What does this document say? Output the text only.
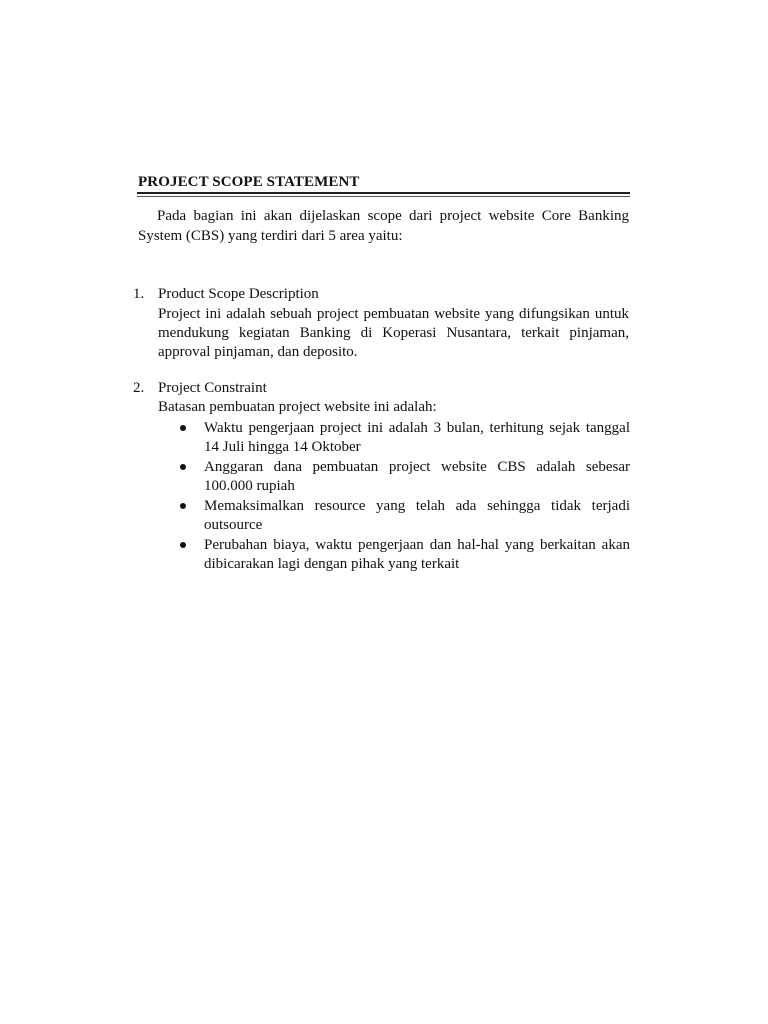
PROJECT SCOPE STATEMENT

Pada bagian ini akan dijelaskan scope dari project website Core Banking System (CBS) yang terdiri dari 5 area yaitu:

1. Product Scope Description

Project ini adalah sebuah project pembuatan website yang difungsikan untuk mendukung kegiatan Banking di Koperasi Nusantara, terkait pinjaman, approval pinjaman, dan deposito.

2. Project Constraint

Batasan pembuatan project website ini adalah:

Waktu pengerjaan project ini adalah 3 bulan, terhitung sejak tanggal 14 Juli hingga 14 Oktober
Anggaran dana pembuatan project website CBS adalah sebesar 100.000 rupiah
Memaksimalkan resource yang telah ada sehingga tidak terjadi outsource
Perubahan biaya, waktu pengerjaan dan hal-hal yang berkaitan akan dibicarakan lagi dengan pihak yang terkait
